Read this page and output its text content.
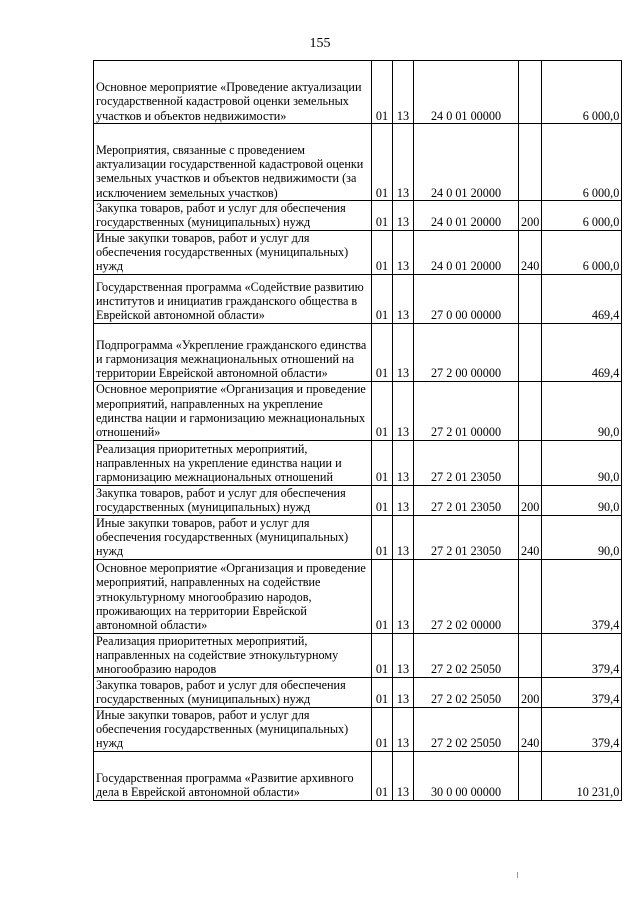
155
Основное мероприятие «Проведение актуализации государственной кадастровой оценки земельных участков и объектов недвижимости»	01	13	24 0 01 00000		6 000,0
Мероприятия, связанные с проведением актуализации государственной кадастровой оценки земельных участков и объектов недвижимости (за исключением земельных участков)	01	13	24 0 01 20000		6 000,0
Закупка товаров, работ и услуг для обеспечения государственных (муниципальных) нужд	01	13	24 0 01 20000	200	6 000,0
Иные закупки товаров, работ и услуг для обеспечения государственных (муниципальных) нужд	01	13	24 0 01 20000	240	6 000,0
Государственная программа «Содействие развитию институтов и инициатив гражданского общества в Еврейской автономной области»	01	13	27 0 00 00000		469,4
Подпрограмма «Укрепление гражданского единства и гармонизация межнациональных отношений на территории Еврейской автономной области»	01	13	27 2 00 00000		469,4
Основное мероприятие «Организация и проведение мероприятий, направленных на укрепление единства нации и гармонизацию межнациональных отношений»	01	13	27 2 01 00000		90,0
Реализация приоритетных мероприятий, направленных на укрепление единства нации и гармонизацию межнациональных отношений	01	13	27 2 01 23050		90,0
Закупка товаров, работ и услуг для обеспечения государственных (муниципальных) нужд	01	13	27 2 01 23050	200	90,0
Иные закупки товаров, работ и услуг для обеспечения государственных (муниципальных) нужд	01	13	27 2 01 23050	240	90,0
Основное мероприятие «Организация и проведение мероприятий, направленных на содействие этнокультурному многообразию народов, проживающих на территории Еврейской автономной области»	01	13	27 2 02 00000		379,4
Реализация приоритетных мероприятий, направленных на содействие этнокультурному многообразию народов	01	13	27 2 02 25050		379,4
Закупка товаров, работ и услуг для обеспечения государственных (муниципальных) нужд	01	13	27 2 02 25050	200	379,4
Иные закупки товаров, работ и услуг для обеспечения государственных (муниципальных) нужд	01	13	27 2 02 25050	240	379,4
Государственная программа «Развитие архивного дела в Еврейской автономной области»	01	13	30 0 00 00000		10 231,0
